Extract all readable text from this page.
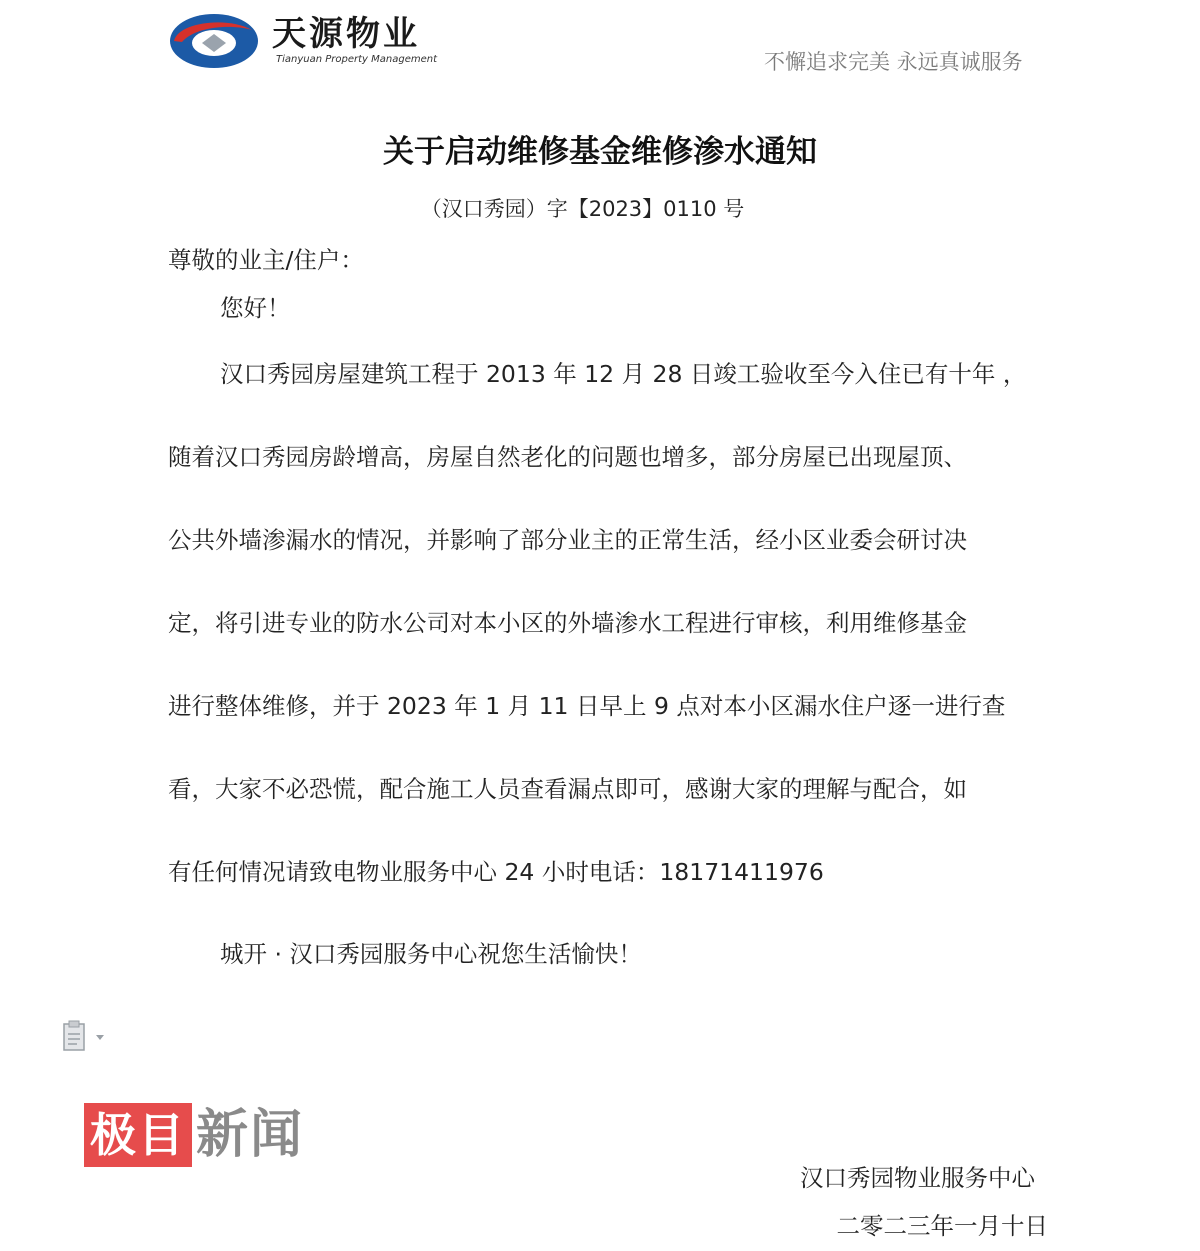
天源物业
Tianyuan Property Management	不懈追求完美 永远真诚服务
关于启动维修基金维修渗水通知
（汉口秀园）字【2023】0110 号
尊敬的业主/住户：
您好！
汉口秀园房屋建筑工程于 2013 年 12 月 28 日竣工验收至今入住已有十年 ，
随着汉口秀园房龄增高，房屋自然老化的问题也增多，部分房屋已出现屋顶、
公共外墙渗漏水的情况，并影响了部分业主的正常生活，经小区业委会研讨决
定，将引进专业的防水公司对本小区的外墙渗水工程进行审核，利用维修基金
进行整体维修，并于 2023 年 1 月 11 日早上 9 点对本小区漏水住户逐一进行查
看，大家不必恐慌，配合施工人员查看漏点即可，感谢大家的理解与配合，如
有任何情况请致电物业服务中心 24 小时电话：18171411976
城开 · 汉口秀园服务中心祝您生活愉快！
极目 新闻
汉口秀园物业服务中心
二零二三年一月十日
